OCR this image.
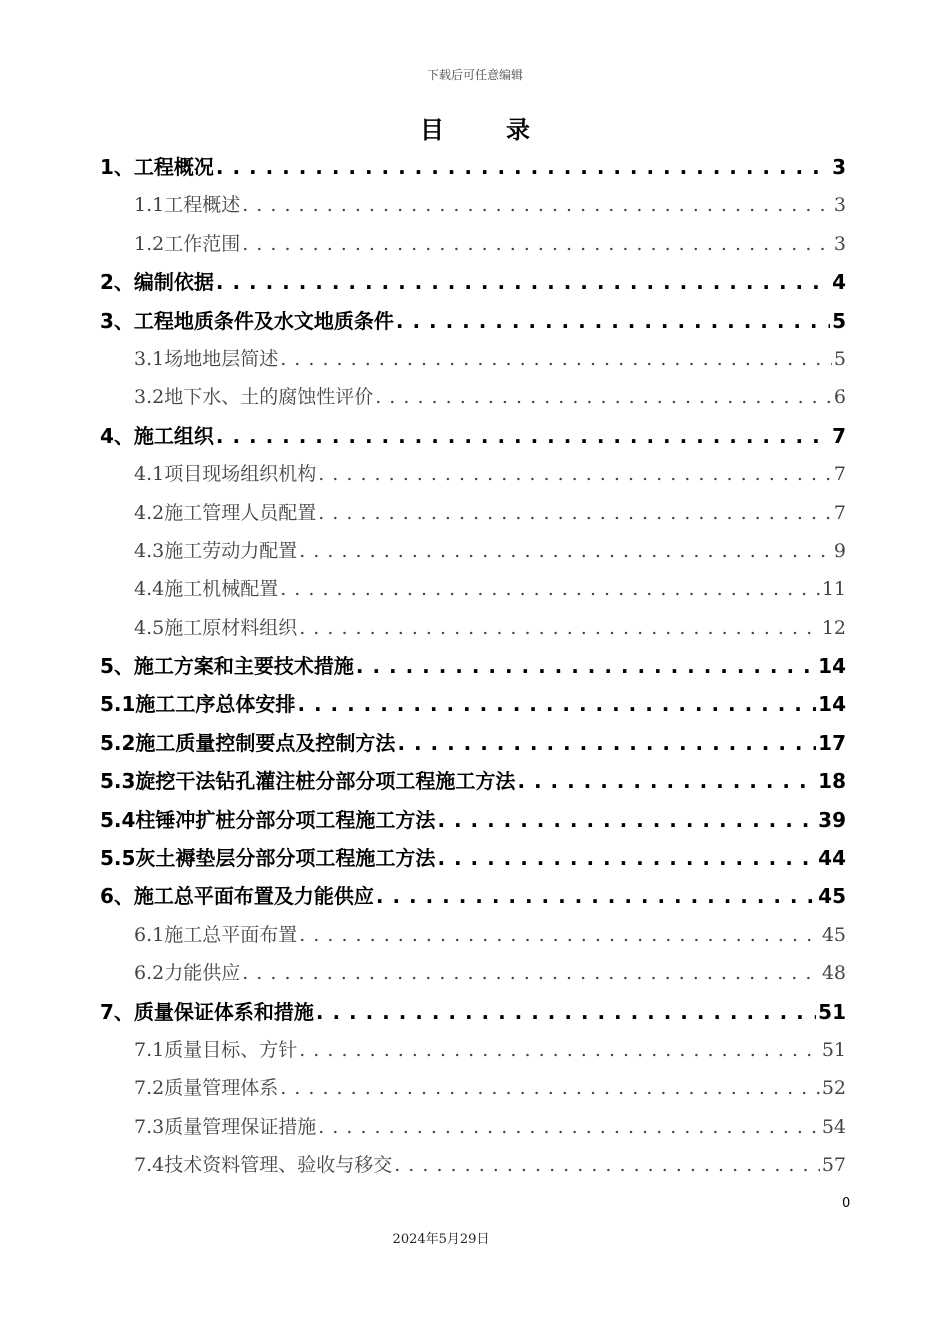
下载后可任意编辑
目录
1、工程概况 . . .	3
1.1工程概述 . . .	3
1.2工作范围 . . .	3
2、编制依据 . . .	4
3、工程地质条件及水文地质条件 . . .	5
3.1场地地层简述 . . .	5
3.2地下水、土的腐蚀性评价 . . .	6
4、施工组织 . . .	7
4.1项目现场组织机构 . . .	7
4.2施工管理人员配置 . . .	7
4.3施工劳动力配置 . . .	9
4.4施工机械配置 . . .	11
4.5施工原材料组织 . . .	12
5、施工方案和主要技术措施 . . .	14
5.1施工工序总体安排 . . .	14
5.2施工质量控制要点及控制方法 . . .	17
5.3旋挖干法钻孔灌注桩分部分项工程施工方法 . . .	18
5.4柱锤冲扩桩分部分项工程施工方法 . . .	39
5.5灰土褥垫层分部分项工程施工方法 . . .	44
6、施工总平面布置及力能供应 . . .	45
6.1施工总平面布置 . . .	45
6.2力能供应 . . .	48
7、质量保证体系和措施 . . .	51
7.1质量目标、方针 . . .	51
7.2质量管理体系 . . .	52
7.3质量管理保证措施 . . .	54
7.4技术资料管理、验收与移交 . . .	57
0
2024年5月29日
